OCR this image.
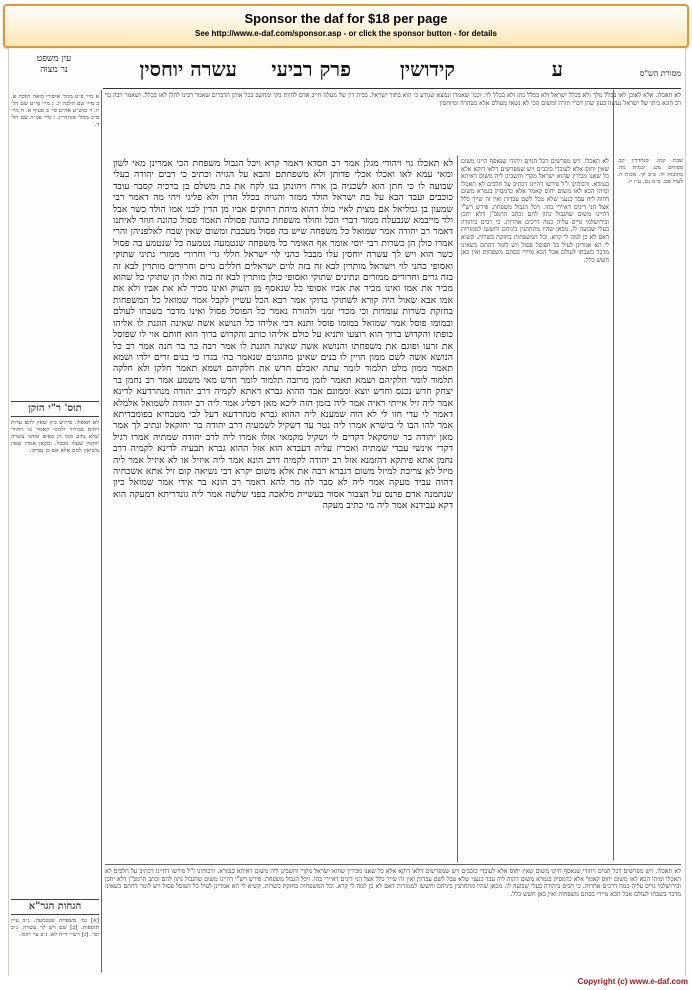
Sponsor the daf for $18 per page
See http://www.e-daf.com/sponsor.asp - or click the sponsor button - for details
עין משפט
נר מצוה	ע
קידושין
פרק רביעי
עשרה יוחסין	מסורת הש"ס
א מיי׳ פ״ט מהל׳ איסורי ביאה הלכה א. ב מיי׳ שם הלכה יג. ג מיי׳ פי״ט שם הל׳ יז. ד טוש״ע אה״ע סי׳ ב סעיף א. ה מיי׳ פ״כ מהל׳ סנהדרין. ו מיי׳ פכ״ה שם הל׳ ד.
תוס' ר"י הזקן
לא תאכלו. פירוש כיון שאין להם עדות ויחוס בבירור ולהכי קאמר גוי ויהודי שלא נודע ממי הן באים ומהני עשרה יוחסין שעלו מבבל. ומכאן אמרו שאין משיאין להם אלא אם כן נבדקו.
הגהות הגר"א
[א] גמ׳ משפחה שנטמעה. נ״ב עיין תוספות. [ב] שם ויש לך עשרה. נ״ב וכו׳. [ג] רש״י ד״ה לא. נ״ב עי׳ תוס׳.
לא תאכלו. אלא לאוכן לאו בכלל מלך ולא בכלל ישראל ולא בכלל כהן ולא בכלל לוי. וכמ' שאמרו ונמצא שנודע כי הוא בתוך ישראל. בבית דין של מעלה חייב אדם להיות בקי ומחשב בכל אותן הדברים שאמר רבינו להלן לאו בכלל. ושאמר רבה בר רב הונא ביתו של ישראל נעשה בעון שהן דברי תורה ומשום הכי לא נשאו מעולם אלא בטהרה ומיוחסין
לא תאכלו גוי ויהודי מגלן אמר רב חסדא דאמר קרא ויכל הגבול משפחת הכי אמרינן מאי לשון ומאי עמא לאו ואכלו אכלי פדותן ולא משפחתם והבא על הגויה וכתיב כי רבים יהודה בעלי שבועה לו כי חתן הוא לשכניה בן ארח ויהונתן בנו לקח את בת משלם בן ברכיה קסבר עובד כוכבים ועבד הבא על בת ישראל הולד ממזר והגויה בכלל הדין ולא פליגי ויהי מה דאמר רבי שמעון בן גמליאל אם מצית לאיי כולו דהוא מיהת רחוקים אביו מן הדין לבני אמו הולד כשר אבל ולד מייבמא שנבעלה ממזר דברי הכל והולד משפחת כהונה פסולה תאמר פסול כהונה חוזר לאיתנו דאמר רב יהודה אמר שמואל כל משפחה שיש בה פסול מעכבת ומשום שאין שבח לאלפניהן והרי אמרו כולן הן כשרות רבי יוסי אומר אף האומר כל משפחה שנטמעה נטמעה כל שנטמע בה פסול כשר הוא ויש לך עשרה יוחסין עלו מבבל כהני לוי ישראל חללי גרי וחרורי ממזרי נתיני שתוקי ואסופי כהני לוי וישראל מותרין לבא זה בזה לוים ישראלים חללים גרים וחרורים מותרין לבא זה בזה גרים וחרורים ממזרים ונתינים שתוקי ואסופי כולן מותרין לבא זה בזה ואלו הן שתוקי כל שהוא מכיר את אמו ואינו מכיר את אביו אסופי כל שנאסף מן השוק ואינו מכיר לא את אביו ולא את אמו אבא שאול היה קורא לשתוקי בדוקי אמר רבא הכל עשיין לקבל אמר שמואל כל המשפחות בחזקת כשרות עומדות וכי מכדי זמני ולהורה נאמר כל הפוסל פסול ואינו מדבר בשבחו לעולם ובמומו פוסל אמר שמואל במומו פוסל ותנא דבי אליהו כל הנושא אשה שאינה הוגנת לו אליהו כופתו והקדוש ברוך הוא רוצעו ותניא על כולם אליהו כותב והקדוש ברוך הוא חותם אוי לו שפוסל את זרעו ופוגם את משפחתו והנושא אשה שאינה הוגנת לו אמר רבה בר בר חנה אמר רב כל הנושא אשה לשם ממון הויין לו בנים שאינן מהוגנים שנאמר בה׳ בגדו כי בנים זרים ילדו ושמא תאמר ממון מלט תלמוד לומר עתה יאכלם חדש את חלקיהם ושמא תאמר חלקו ולא חלקה תלמוד לומר חלקיהם ושמא תאמר לזמן מרובה תלמוד לומר חדש מאי משמע אמר רב נחמן בר יצחק חדש נכנס וחדש יוצא וממונם אבד ההוא גברא דאתא לקמיה דרב יהודה מנהרדעא לדינא אמר ליה זיל אייתי ראיה אמר ליה בזמן הזה ליכא מאן דפליג אמר ליה רב יהודה לשמואל אלמלא דאמר לי עדי חזו לי לא הוה שמענא ליה ההוא גברא מנהרדעא דעל לבי מטבחיא בפומבדיתא אמר להו הבו לי בישרא אמרו ליה נטר עד דשקיל לשמעיה דרב יהודה בר יחזקאל ונתיב לך אמר מאן יהודה בר שויסקאל דקדים לי ושקיל מקמאי אזלו אמרו ליה לרב יהודה שמתיה אמרו רגיל דקרי אינשי עבדי שמתיה ואכריז עליה דעבדא הוא אזל ההוא גברא תבעיה לדינא לקמיה דרב נחמן אתא פיתקא דהזמנא אזל רב יהודה לקמיה דרב הונא אמר ליה איזיל או לא איזיל אמר ליה מיזל לא צריכת למיזל משום דגברא רבה את אלא משום יקרא דבי נשיאה קום זיל אתא אשכחיה דהוה עביד מעקה אמר ליה לא סבר לה מר להא דאמר רב הונא בר אידי אמר שמואל כיון שנתמנה אדם פרנס על הצבור אסור בעשיית מלאכה בפני שלשה אמר ליה גונדריתא דמעקה הוא דקא עבידנא אמר ליה מי כתיב מעקה
לא תאכלו. ויש מפרשים דכל הגוים ויהודי שנאסף היינו משום שאין יחוס אלא לעובדי כוכבים ויש שמפרשים דלאו דוקא אלא כל שאנו מכירין שהוא ישראל מקרי וחשבינן ליה משום דאיתא בגמרא. ורבותינו ז"ל פירשו דהיינו דכתיב על חלבים לא תאכלו ומיהו הכא לאו משום יחוס קאמר אלא כדמסיק בגמרא משום דהוה ליה עבד כנעני שלא טבל לשם עבדות ואין זה שייך כלל אצל הני דינים דאיירי בהו. ויכל הגבול משפחת. פירש רש"י דהיינו משום שהגבול נתון להם וכתב הרמב"ן דלא יתכן ובירושלמי גריס עליה כמה דרכים אחרות. כי רבים ביהודה בעלי שבועה לו. מכאן שהיו מתחתנין ביניהם וחששו לממזרות דאם לא כן למה לי קרא. וכל המשפחות בחזקת כשרות. קשיא לי הא אמרינן לעיל כל הפוסל פסול ויש לומר דהתם כשאינו מדבר בשבחו לעולם אבל הכא מיירי בסתם משפחות ואין כאן חשש כלל.
שבת קמו. סנהדרין קב. פסחים מט. יבמות מה. כתובות יד. ב״ב קי. מכות ה. לעיל סט. ב״מ נט. ע״ז יז.
לא תאכלו. ויש מפרשים דכל הגוים ויהודי שנאסף היינו משום שאין יחוס אלא לעובדי כוכבים ויש שמפרשים דלאו דוקא אלא כל שאנו מכירין שהוא ישראל מקרי וחשבינן ליה משום דאיתא בגמרא. ורבותינו ז"ל פירשו דהיינו דכתיב על חלבים לא תאכלו ומיהו הכא לאו משום יחוס קאמר אלא כדמסיק בגמרא משום דהוה ליה עבד כנעני שלא טבל לשם עבדות ואין זה שייך כלל אצל הני דינים דאיירי בהו. ויכל הגבול משפחת. פירש רש"י דהיינו משום שהגבול נתון להם וכתב הרמב"ן דלא יתכן ובירושלמי גריס עליה כמה דרכים אחרות. כי רבים ביהודה בעלי שבועה לו. מכאן שהיו מתחתנין ביניהם וחששו לממזרות דאם לא כן למה לי קרא. וכל המשפחות בחזקת כשרות. קשיא לי הא אמרינן לעיל כל הפוסל פסול ויש לומר דהתם כשאינו מדבר בשבחו לעולם אבל הכא מיירי בסתם משפחות ואין כאן חשש כלל.
Copyright (c) www.e-daf.com
